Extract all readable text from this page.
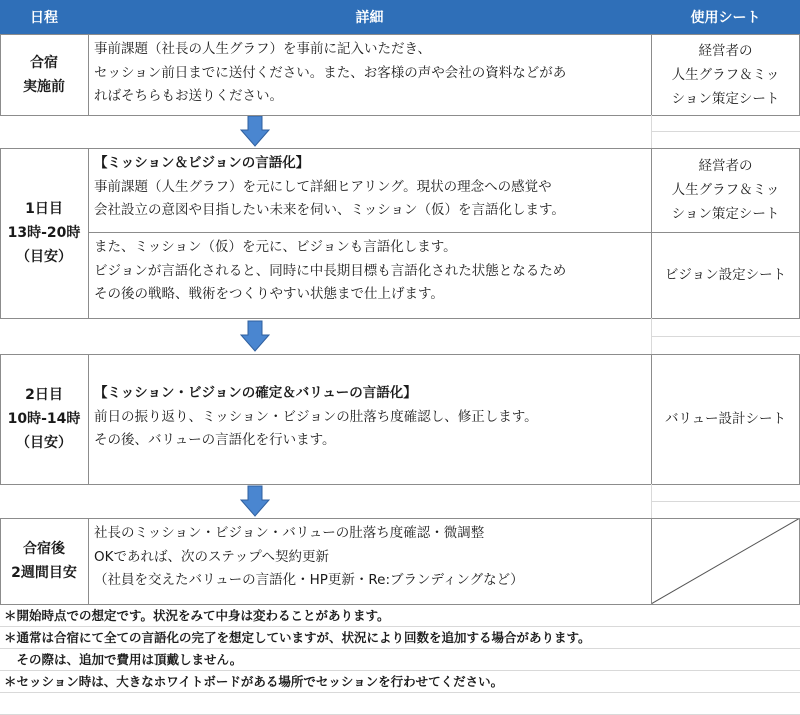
日程	詳細	使用シート
合宿
実施前
事前課題（社長の人生グラフ）を事前に記入いただき、
セッション前日までに送付ください。また、お客様の声や会社の資料などがあ
ればそちらもお送りください。
経営者の
人生グラフ＆ミッ
ション策定シート
1日目
13時-20時
（目安）
【ミッション＆ビジョンの言語化】
事前課題（人生グラフ）を元にして詳細ヒアリング。現状の理念への感覚や
会社設立の意図や目指したい未来を伺い、ミッション（仮）を言語化します。
経営者の
人生グラフ＆ミッ
ション策定シート
また、ミッション（仮）を元に、ビジョンも言語化します。
ビジョンが言語化されると、同時に中長期目標も言語化された状態となるため
その後の戦略、戦術をつくりやすい状態まで仕上げます。
ビジョン設定シート
2日目
10時-14時
（目安）
【ミッション・ビジョンの確定＆バリューの言語化】
前日の振り返り、ミッション・ビジョンの肚落ち度確認し、修正します。
その後、バリューの言語化を行います。
バリュー設計シート
合宿後
2週間目安
社長のミッション・ビジョン・バリューの肚落ち度確認・微調整
OKであれば、次のステップへ契約更新
（社員を交えたバリューの言語化・HP更新・Re:ブランディングなど）
＊開始時点での想定です。状況をみて中身は変わることがあります。
＊通常は合宿にて全ての言語化の完了を想定していますが、状況により回数を追加する場合があります。
　その際は、追加で費用は頂戴しません。
＊セッション時は、大きなホワイトボードがある場所でセッションを行わせてください。
